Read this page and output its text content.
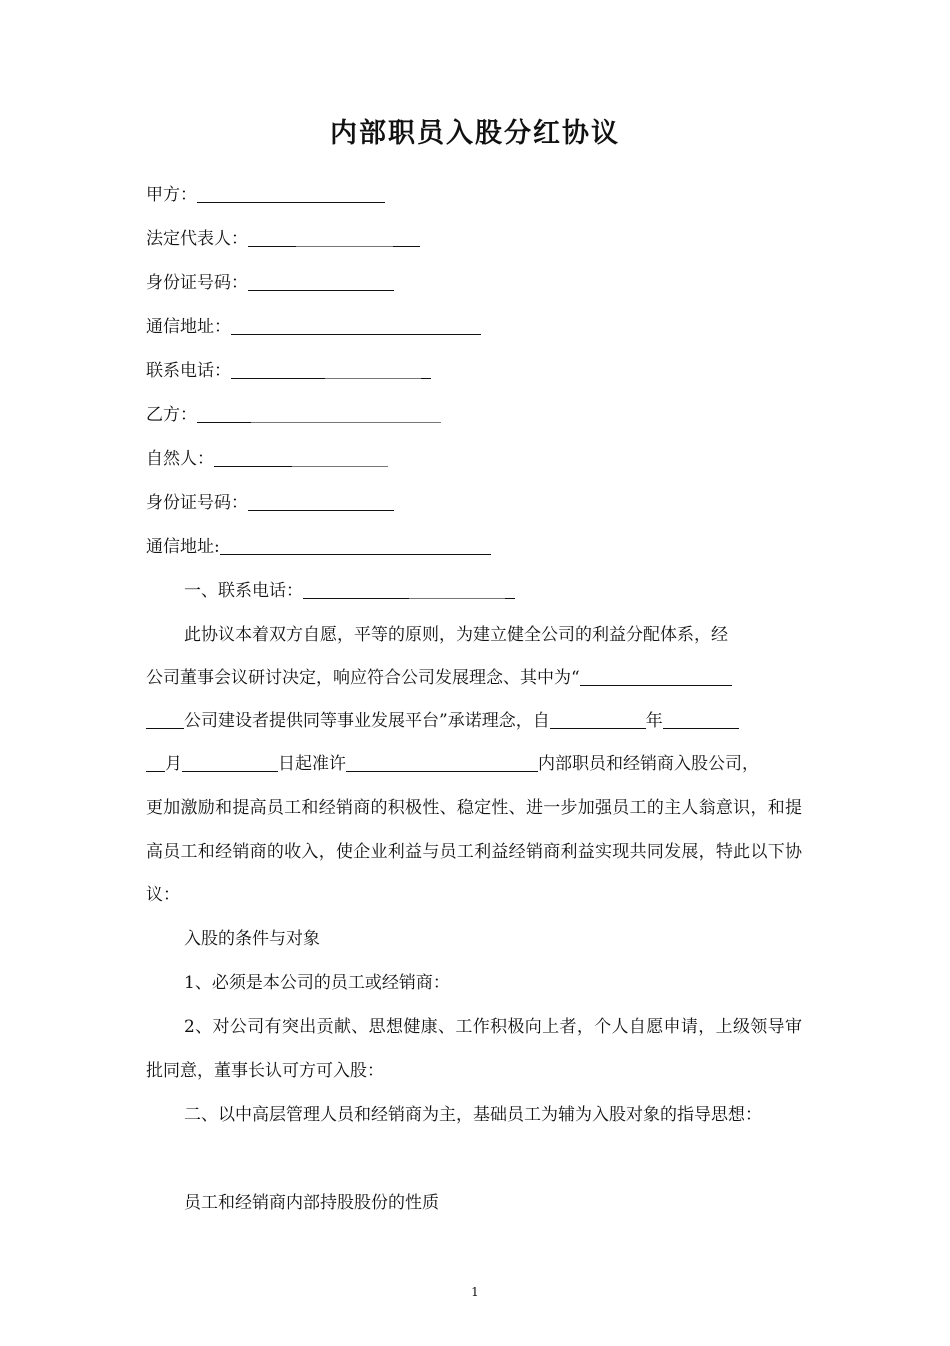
内部职员入股分红协议
甲方：
法定代表人：
身份证号码：
通信地址：
联系电话：
乙方：
自然人：
身份证号码：
通信地址:
一、联系电话：
此协议本着双方自愿，平等的原则，为建立健全公司的利益分配体系，经
公司董事会议研讨决定，响应符合公司发展理念、其中为“
公司建设者提供同等事业发展平台”承诺理念，自	年
月	日起准许	内部职员和经销商入股公司，
更加激励和提高员工和经销商的积极性、稳定性、进一步加强员工的主人翁意识，和提高员工和经销商的收入，使企业利益与员工利益经销商利益实现共同发展，特此以下协议：
入股的条件与对象
1、必须是本公司的员工或经销商：
2、对公司有突出贡献、思想健康、工作积极向上者，个人自愿申请，上级领导审批同意，董事长认可方可入股：
二、以中高层管理人员和经销商为主，基础员工为辅为入股对象的指导思想：
员工和经销商内部持股股份的性质
1
